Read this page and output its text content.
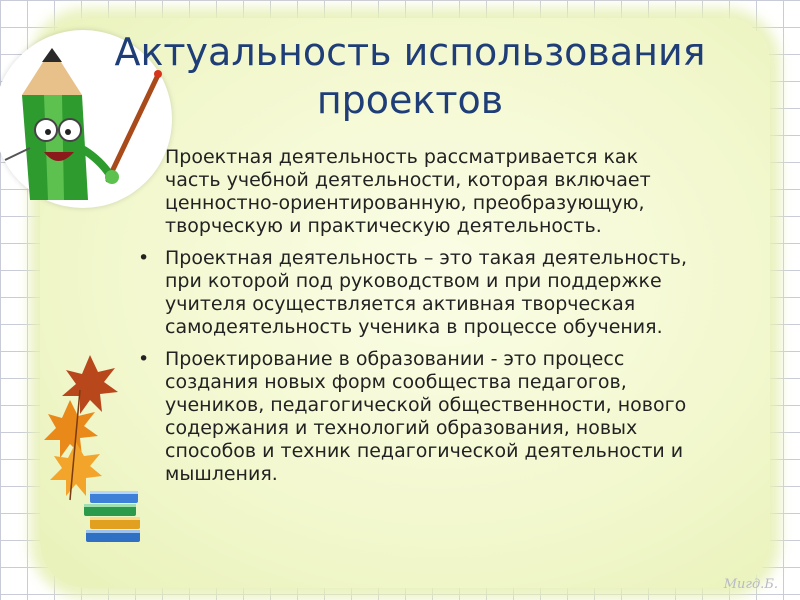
Актуальность использования
проектов
Проектная деятельность рассматривается как
часть учебной деятельности, которая включает
ценностно-ориентированную, преобразующую,
творческую и практическую деятельность.
• Проектная деятельность – это такая деятельность,
при которой под руководством и при поддержке
учителя осуществляется активная творческая
самодеятельность ученика в процессе обучения.
• Проектирование в образовании - это процесс
создания новых форм сообщества педагогов,
учеников, педагогической общественности, нового
содержания и технологий образования, новых
способов и техник педагогической деятельности и
мышления.
Мигд.Б.
